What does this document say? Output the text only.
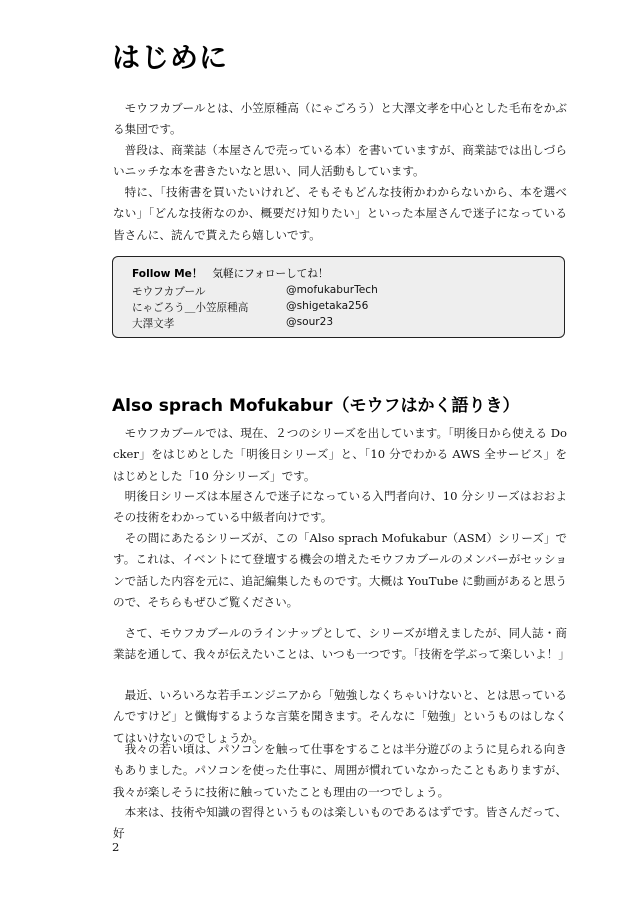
はじめに

モウフカブールとは、小笠原種高（にゃごろう）と大澤文孝を中心とした毛布をかぶる集団です。

普段は、商業誌（本屋さんで売っている本）を書いていますが、商業誌では出しづらいニッチな本を書きたいなと思い、同人活動もしています。

特に、「技術書を買いたいけれど、そもそもどんな技術かわからないから、本を選べない」「どんな技術なのか、概要だけ知りたい」といった本屋さんで迷子になっている皆さんに、読んで貰えたら嬉しいです。

Follow Me！ 気軽にフォローしてね！
モウフカブール	@mofukaburTech
にゃごろう＿小笠原種高	@shigetaka256
大澤文孝	@sour23
Also sprach Mofukabur（モウフはかく語りき）

モウフカブールでは、現在、２つのシリーズを出しています。「明後日から使える Docker」をはじめとした「明後日シリーズ」と、「10 分でわかる AWS 全サービス」をはじめとした「10 分シリーズ」です。

明後日シリーズは本屋さんで迷子になっている入門者向け、10 分シリーズはおおよその技術をわかっている中級者向けです。

その間にあたるシリーズが、この「Also sprach Mofukabur（ASM）シリーズ」です。これは、イベントにて登壇する機会の増えたモウフカブールのメンバーがセッションで話した内容を元に、追記編集したものです。大概は YouTube に動画があると思うので、そちらもぜひご覧ください。

さて、モウフカブールのラインナップとして、シリーズが増えましたが、同人誌・商業誌を通して、我々が伝えたいことは、いつも一つです。「技術を学ぶって楽しいよ！」

最近、いろいろな若手エンジニアから「勉強しなくちゃいけないと、とは思っているんですけど」と懺悔するような言葉を聞きます。そんなに「勉強」というものはしなくてはいけないのでしょうか。

我々の若い頃は、パソコンを触って仕事をすることは半分遊びのように見られる向きもありました。パソコンを使った仕事に、周囲が慣れていなかったこともありますが、我々が楽しそうに技術に触っていたことも理由の一つでしょう。

本来は、技術や知識の習得というものは楽しいものであるはずです。皆さんだって、好

2
